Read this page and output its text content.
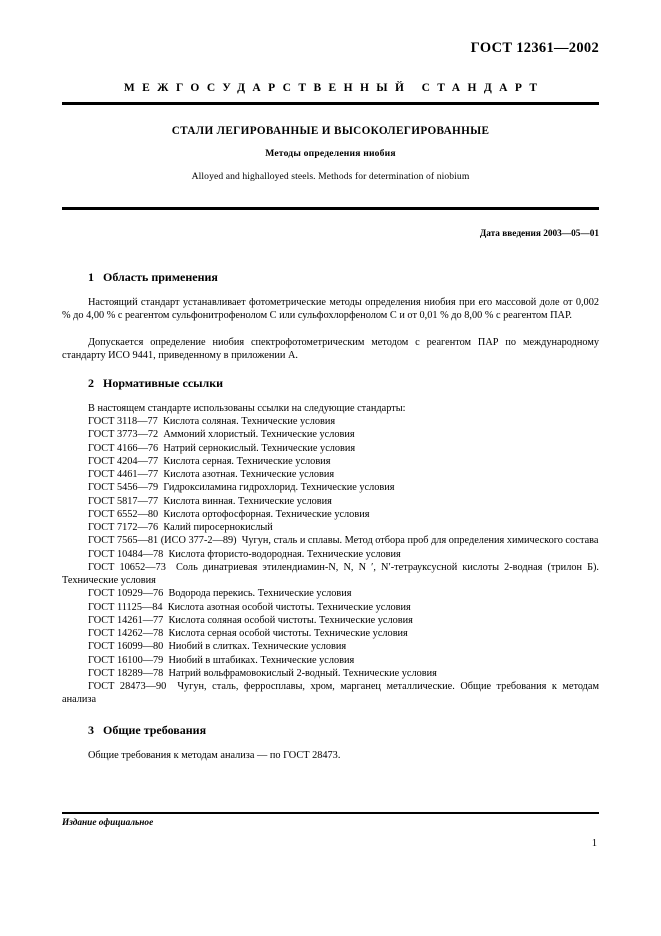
ГОСТ 12361—2002
МЕЖГОСУДАРСТВЕННЫЙ СТАНДАРТ
СТАЛИ ЛЕГИРОВАННЫЕ И ВЫСОКОЛЕГИРОВАННЫЕ
Методы определения ниобия
Alloyed and highalloyed steels. Methods for determination of niobium
Дата введения 2003—05—01
1 Область применения
Настоящий стандарт устанавливает фотометрические методы определения ниобия при его массовой доле от 0,002 % до 4,00 % с реагентом сульфонитрофенолом С или сульфохлорфенолом С и от 0,01 % до 8,00 % с реагентом ПАР.
Допускается определение ниобия спектрофотометрическим методом с реагентом ПАР по международному стандарту ИСО 9441, приведенному в приложении А.
2 Нормативные ссылки
В настоящем стандарте использованы ссылки на следующие стандарты:
ГОСТ 3118—77  Кислота соляная. Технические условия
ГОСТ 3773—72  Аммоний хлористый. Технические условия
ГОСТ 4166—76  Натрий сернокислый. Технические условия
ГОСТ 4204—77  Кислота серная. Технические условия
ГОСТ 4461—77  Кислота азотная. Технические условия
ГОСТ 5456—79  Гидроксиламина гидрохлорид. Технические условия
ГОСТ 5817—77  Кислота винная. Технические условия
ГОСТ 6552—80  Кислота ортофосфорная. Технические условия
ГОСТ 7172—76  Калий пиросернокислый
ГОСТ 7565—81 (ИСО 377-2—89)  Чугун, сталь и сплавы. Метод отбора проб для определения химического состава
ГОСТ 10484—78  Кислота фтористо-водородная. Технические условия
ГОСТ 10652—73  Соль динатриевая этилендиамин-N, N, N ′, N′-тетрауксусной кислоты 2-водная (трилон Б). Технические условия
ГОСТ 10929—76  Водорода перекись. Технические условия
ГОСТ 11125—84  Кислота азотная особой чистоты. Технические условия
ГОСТ 14261—77  Кислота соляная особой чистоты. Технические условия
ГОСТ 14262—78  Кислота серная особой чистоты. Технические условия
ГОСТ 16099—80  Ниобий в слитках. Технические условия
ГОСТ 16100—79  Ниобий в штабиках. Технические условия
ГОСТ 18289—78  Натрий вольфрамовокислый 2-водный. Технические условия
ГОСТ 28473—90  Чугун, сталь, ферросплавы, хром, марганец металлические. Общие требования к методам анализа
3 Общие требования
Общие требования к методам анализа — по ГОСТ 28473.
Издание официальное
1
